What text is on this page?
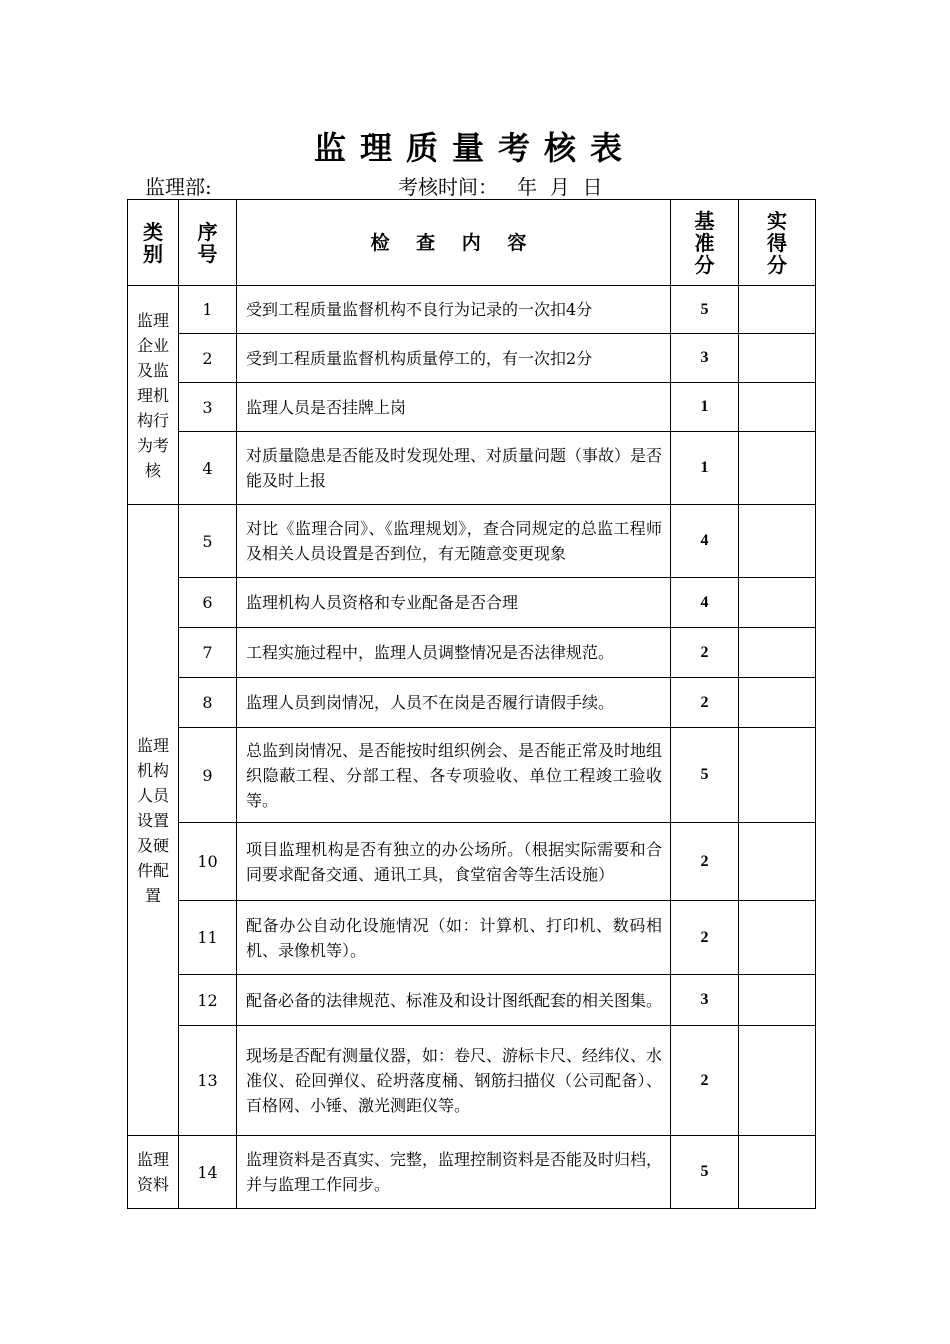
监理质量考核表
监理部:	考核时间：   年  月  日
类别	序号	检 查 内 容	基准分	实得分

监理企业及监理机构行为考核	1	受到工程质量监督机构不良行为记录的一次扣4分	5	
	2	受到工程质量监督机构质量停工的，有一次扣2分	3	
	3	监理人员是否挂牌上岗	1	
	4	对质量隐患是否能及时发现处理、对质量问题（事故）是否能及时上报	1	

监理机构人员设置及硬件配置	5	对比《监理合同》、《监理规划》，查合同规定的总监工程师及相关人员设置是否到位，有无随意变更现象	4	
	6	监理机构人员资格和专业配备是否合理	4	
	7	工程实施过程中，监理人员调整情况是否法律规范。	2	
	8	监理人员到岗情况，人员不在岗是否履行请假手续。	2	
	9	总监到岗情况、是否能按时组织例会、是否能正常及时地组织隐蔽工程、分部工程、各专项验收、单位工程竣工验收等。	5	
	10	项目监理机构是否有独立的办公场所。（根据实际需要和合同要求配备交通、通讯工具，食堂宿舍等生活设施）	2	
	11	配备办公自动化设施情况（如：计算机、打印机、数码相机、录像机等）。	2	
	12	配备必备的法律规范、标准及和设计图纸配套的相关图集。	3	
	13	现场是否配有测量仪器，如：卷尺、游标卡尺、经纬仪、水准仪、砼回弹仪、砼坍落度桶、钢筋扫描仪（公司配备）、百格网、小锤、激光测距仪等。	2	

监理资料	14	监理资料是否真实、完整，监理控制资料是否能及时归档，并与监理工作同步。	5	
